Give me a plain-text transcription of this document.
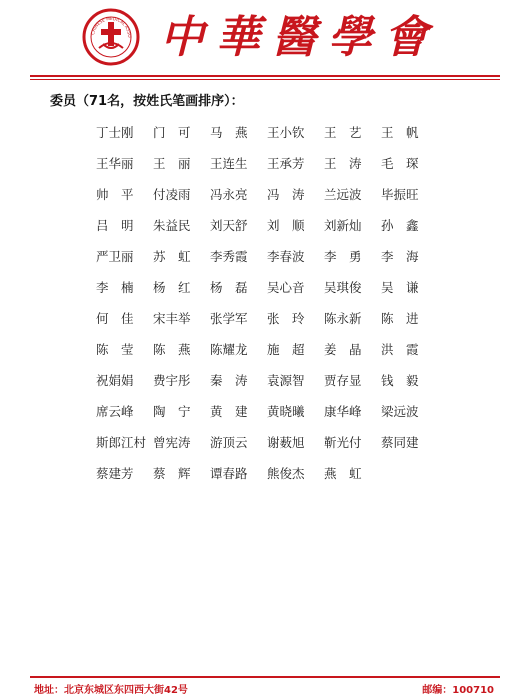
CHINESE MEDICAL ASSO 中 華 醫 學 會
委员（71名，按姓氏笔画排序）：
丁士刚	门　可	马　燕	王小钦	王　艺	王　帆
王华丽	王　丽	王连生	王承芳	王　涛	毛　琛
帅　平	付凌雨	冯永亮	冯　涛	兰远波	毕振旺
吕　明	朱益民	刘天舒	刘　顺	刘新灿	孙　鑫
严卫丽	苏　虹	李秀霞	李春波	李　勇	李　海
李　楠	杨　红	杨　磊	吴心音	吴琪俊	吴　谦
何　佳	宋丰举	张学军	张　玲	陈永新	陈　进
陈　莹	陈　燕	陈耀龙	施　超	姜　晶	洪　霞
祝娟娟	费宇彤	秦　涛	袁源智	贾存显	钱　毅
席云峰	陶　宁	黄　建	黄晓曦	康华峰	梁远波
斯郎江村 曾宪涛	游顶云	谢薮旭	靳光付	蔡同建
蔡建芳	蔡　辉	谭春路	熊俊杰	燕　虹
地址：北京东城区东四西大街42号	邮编：100710
